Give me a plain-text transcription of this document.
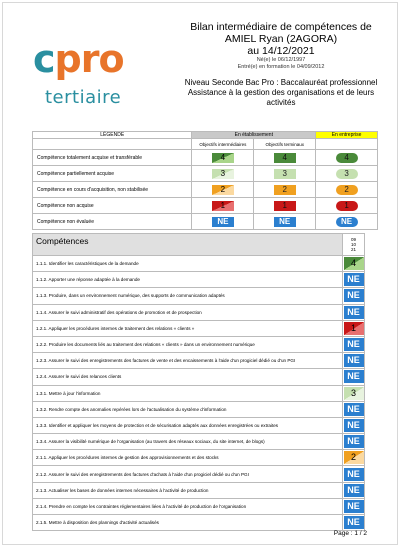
cpro
tertiaire
Bilan intermédiaire de compétences de
AMIEL Ryan (2AGORA)
au 14/12/2021
Né(e) le 06/12/1997
Entré(e) en formation le 04/09/2012
Niveau Seconde Bac Pro : Baccalauréat professionnel
Assistance à la gestion des organisations et de leurs
activités
LÉGENDE	En établissement		En entreprise
	Objectifs intermédiaires	Objectifs terminaux	
Compétence totalement acquise et transférable	4	4	4
Compétence partiellement acquise	3	3	3
Compétence en cours d'acquisition, non stabilisée	2	2	2
Compétence non acquise	1	1	1
Compétence non évaluée	NE	NE	NE
Compétences	09
10
21

1.1.1. Identifier les caractéristiques de la demande	4

1.1.2. Apporter une réponse adaptée à la demande	NE

1.1.3. Produire, dans un environnement numérique, des supports de communication adaptés	NE

1.1.4. Assurer le suivi administratif des opérations de promotion et de prospection	NE

1.2.1. Appliquer les procédures internes de traitement des relations « clients »	1

1.2.2. Produire les documents liés au traitement des relations « clients » dans un environnement numérique	NE

1.2.3. Assurer le suivi des enregistrements des factures de vente et des encaissements à l'aide d'un progiciel dédié ou d'un PGI	NE

1.2.4. Assurer le suivi des relances clients	NE

1.3.1. Mettre à jour l'information	3

1.3.2. Rendre compte des anomalies repérées lors de l'actualisation du système d'information	NE

1.3.3. Identifier et appliquer les moyens de protection et de sécurisation adaptés aux données enregistrées ou extraites	NE

1.3.4. Assurer la visibilité numérique de l'organisation (au travers des réseaux sociaux, du site internet, de blogs)	NE

2.1.1. Appliquer les procédures internes de gestion des approvisionnements et des stocks	2

2.1.2. Assurer le suivi des enregistrements des factures d'achats à l'aide d'un progiciel dédié ou d'un PGI	NE

2.1.3. Actualiser les bases de données internes nécessaires à l'activité de production	NE

2.1.4. Prendre en compte les contraintes réglementaires liées à l'activité de production de l'organisation	NE

2.1.5. Mettre à disposition des plannings d'activité actualisés	NE
Page : 1 / 2
